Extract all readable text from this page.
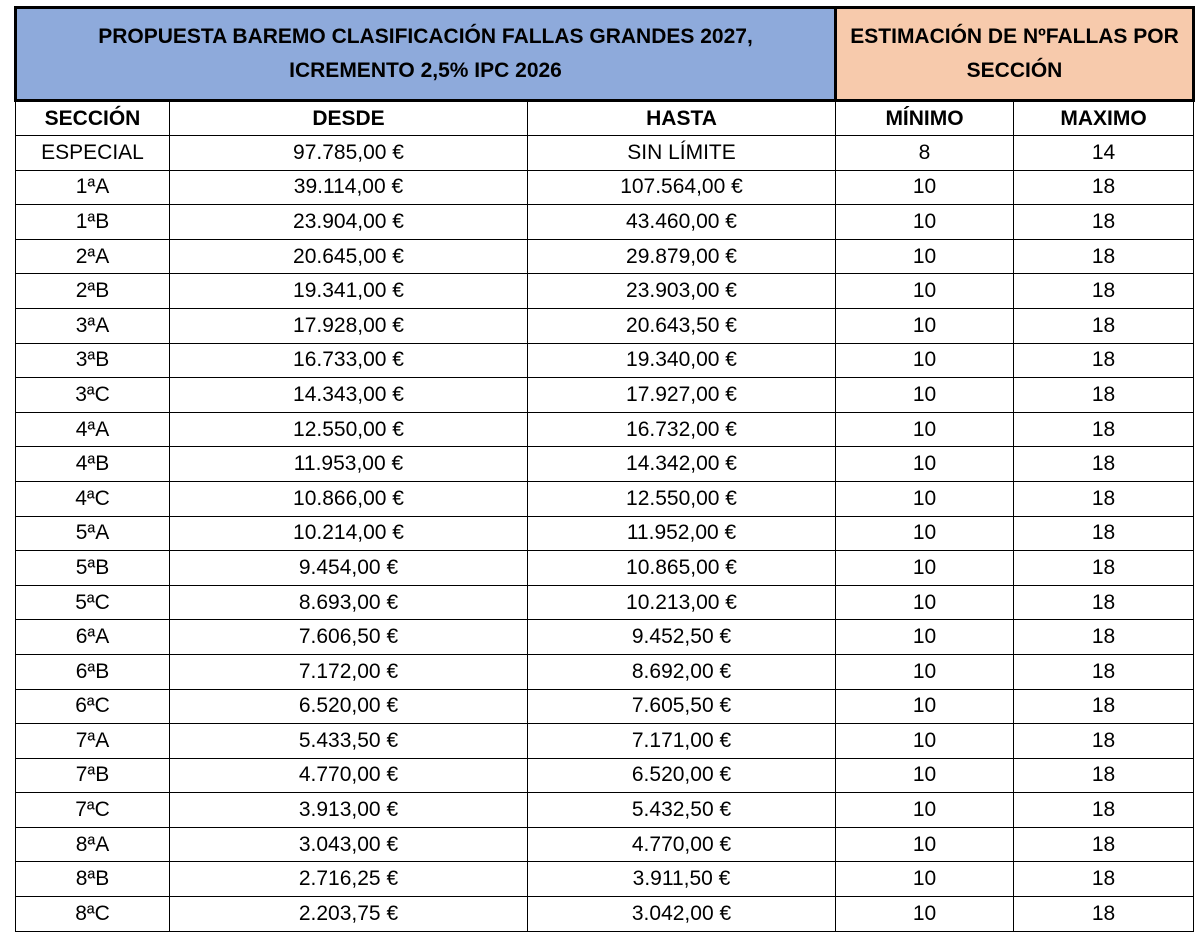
PROPUESTA BAREMO CLASIFICACIÓN FALLAS GRANDES 2027,
ICREMENTO 2,5% IPC 2026			ESTIMACIÓN DE NºFALLAS POR
SECCIÓN	

SECCIÓN	DESDE	HASTA	MÍNIMO	MAXIMO
ESPECIAL	97.785,00 €	SIN LÍMITE	8	14
1ªA	39.114,00 €	107.564,00 €	10	18
1ªB	23.904,00 €	43.460,00 €	10	18
2ªA	20.645,00 €	29.879,00 €	10	18
2ªB	19.341,00 €	23.903,00 €	10	18
3ªA	17.928,00 €	20.643,50 €	10	18
3ªB	16.733,00 €	19.340,00 €	10	18
3ªC	14.343,00 €	17.927,00 €	10	18
4ªA	12.550,00 €	16.732,00 €	10	18
4ªB	11.953,00 €	14.342,00 €	10	18
4ªC	10.866,00 €	12.550,00 €	10	18
5ªA	10.214,00 €	11.952,00 €	10	18
5ªB	9.454,00 €	10.865,00 €	10	18
5ªC	8.693,00 €	10.213,00 €	10	18
6ªA	7.606,50 €	9.452,50 €	10	18
6ªB	7.172,00 €	8.692,00 €	10	18
6ªC	6.520,00 €	7.605,50 €	10	18
7ªA	5.433,50 €	7.171,00 €	10	18
7ªB	4.770,00 €	6.520,00 €	10	18
7ªC	3.913,00 €	5.432,50 €	10	18
8ªA	3.043,00 €	4.770,00 €	10	18
8ªB	2.716,25 €	3.911,50 €	10	18
8ªC	2.203,75 €	3.042,00 €	10	18
